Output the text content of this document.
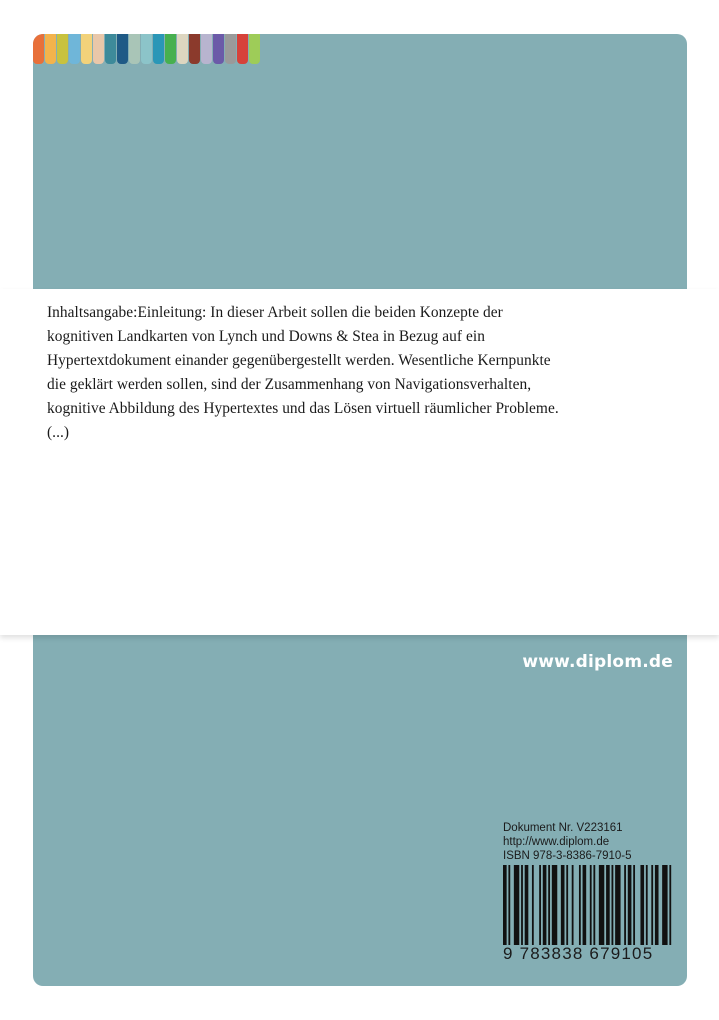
Inhaltsangabe:Einleitung: In dieser Arbeit sollen die beiden Konzepte der kognitiven Landkarten von Lynch und Downs & Stea in Bezug auf ein Hypertextdokument einander gegenübergestellt werden. Wesentliche Kernpunkte die geklärt werden sollen, sind der Zusammenhang von Navigationsverhalten, kognitive Abbildung des Hypertextes und das Lösen virtuell räumlicher Probleme. (...)

www.diplom.de
Dokument Nr. V223161
http://www.diplom.de
ISBN 978-3-8386-7910-5
9 783838 679105
